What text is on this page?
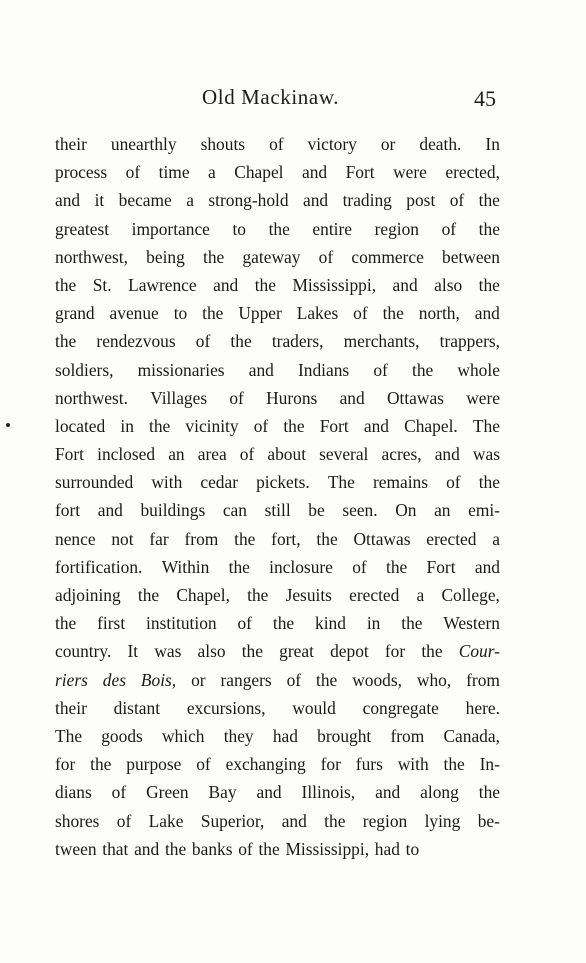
Old Mackinaw.	45
their unearthly shouts of victory or death. In
process of time a Chapel and Fort were erected,
and it became a strong-hold and trading post of the
greatest importance to the entire region of the
northwest, being the gateway of commerce between
the St. Lawrence and the Mississippi, and also the
grand avenue to the Upper Lakes of the north, and
the rendezvous of the traders, merchants, trappers,
soldiers, missionaries and Indians of the whole
northwest. Villages of Hurons and Ottawas were
located in the vicinity of the Fort and Chapel. The
Fort inclosed an area of about several acres, and was
surrounded with cedar pickets. The remains of the
fort and buildings can still be seen. On an emi-
nence not far from the fort, the Ottawas erected a
fortification. Within the inclosure of the Fort and
adjoining the Chapel, the Jesuits erected a College,
the first institution of the kind in the Western
country. It was also the great depot for the Cour-
riers des Bois, or rangers of the woods, who, from
their distant excursions, would congregate here.
The goods which they had brought from Canada,
for the purpose of exchanging for furs with the In-
dians of Green Bay and Illinois, and along the
shores of Lake Superior, and the region lying be-
tween that and the banks of the Mississippi, had to
